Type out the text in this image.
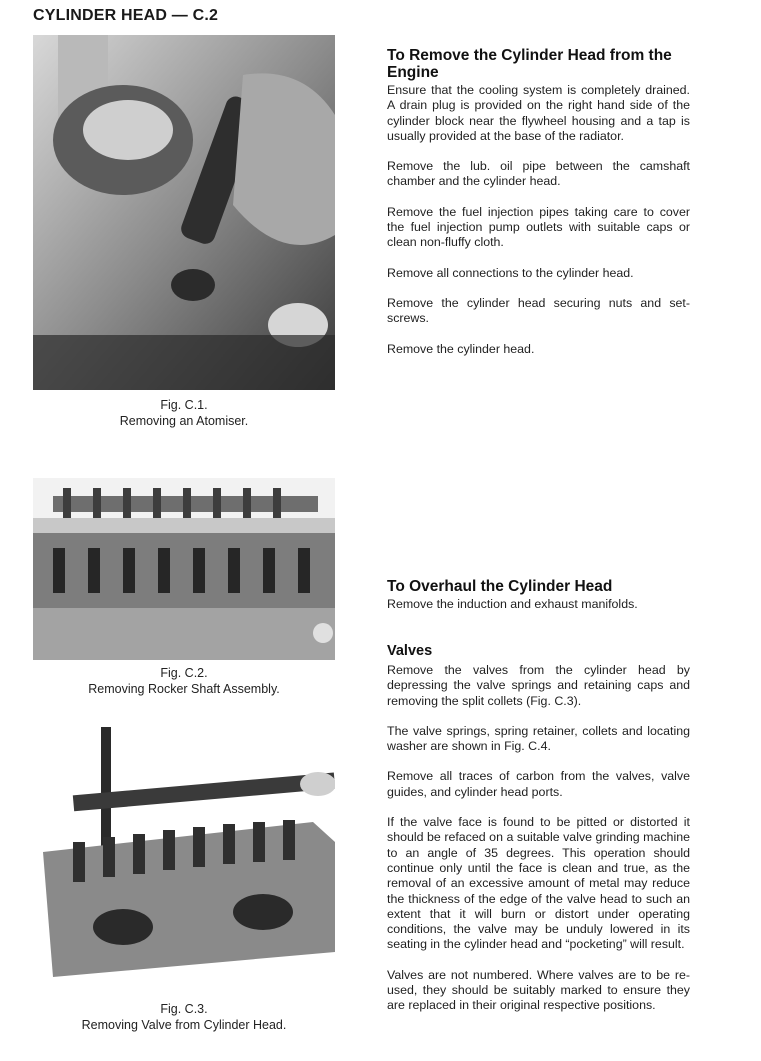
CYLINDER HEAD — C.2
Fig. C.1.
Removing an Atomiser.
Fig. C.2.
Removing Rocker Shaft Assembly.
Fig. C.3.
Removing Valve from Cylinder Head.
To Remove the Cylinder Head from the Engine

Ensure that the cooling system is completely drained. A drain plug is provided on the right hand side of the cylinder block near the flywheel housing and a tap is usually provided at the base of the radiator.

Remove the lub. oil pipe between the camshaft chamber and the cylinder head.

Remove the fuel injection pipes taking care to cover the fuel injection pump outlets with suitable caps or clean non-fluffy cloth.

Remove all connections to the cylinder head.

Remove the cylinder head securing nuts and set-screws.

Remove the cylinder head.

To Overhaul the Cylinder Head

Remove the induction and exhaust manifolds.

Valves

Remove the valves from the cylinder head by depressing the valve springs and retaining caps and removing the split collets (Fig. C.3).

The valve springs, spring retainer, collets and locating washer are shown in Fig. C.4.

Remove all traces of carbon from the valves, valve guides, and cylinder head ports.

If the valve face is found to be pitted or distorted it should be refaced on a suitable valve grinding machine to an angle of 35 degrees. This operation should continue only until the face is clean and true, as the removal of an excessive amount of metal may reduce the thickness of the edge of the valve head to such an extent that it will burn or distort under operating conditions, the valve may be unduly lowered in its seating in the cylinder head and “pocketing” will result.

Valves are not numbered. Where valves are to be re-used, they should be suitably marked to ensure they are replaced in their original respective positions.
